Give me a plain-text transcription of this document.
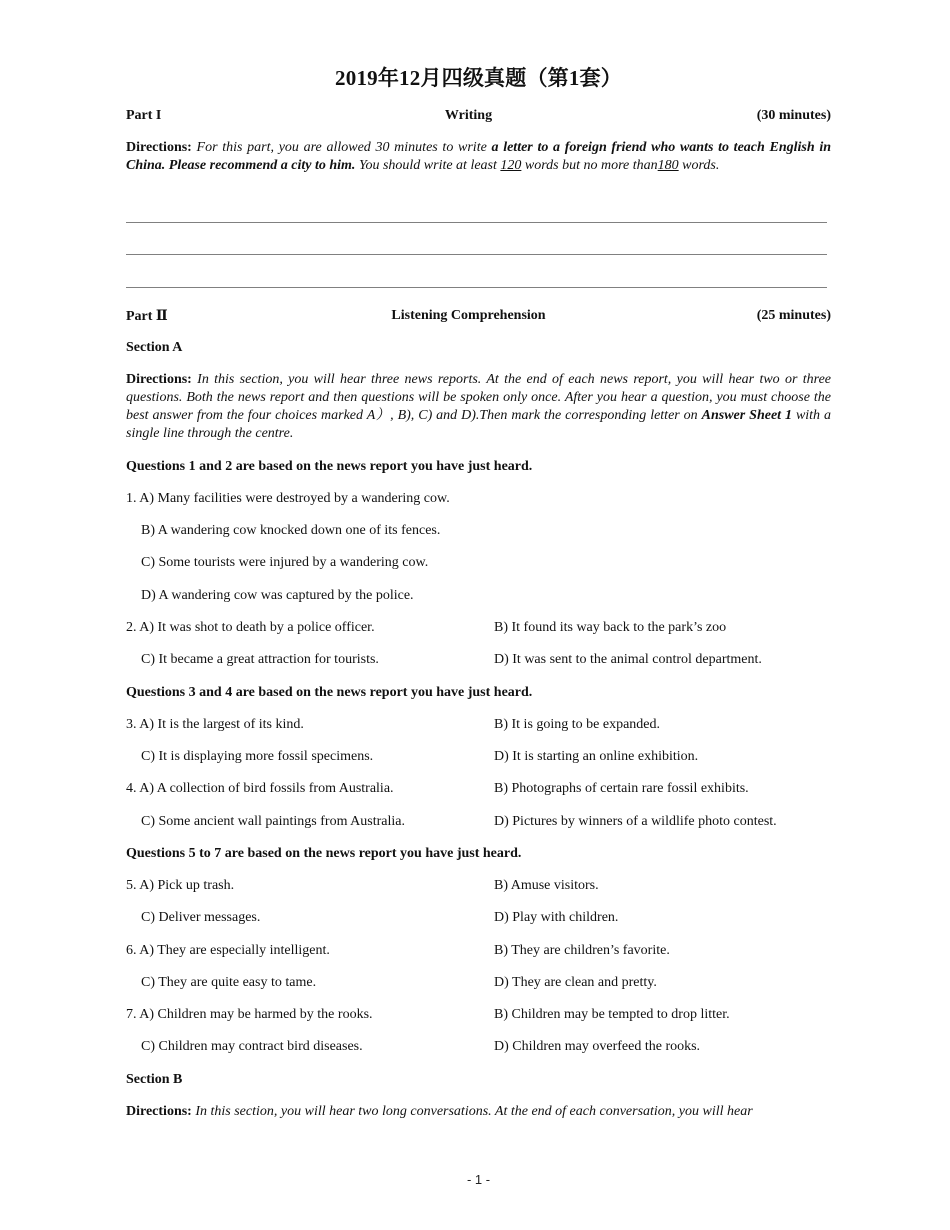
2019年12月四级真题（第1套）
Part I	Writing	(30 minutes)
Directions: For this part, you are allowed 30 minutes to write a letter to a foreign friend who wants to teach English in China. Please recommend a city to him. You should write at least 120 words but no more than180 words.
Part Ⅱ	Listening Comprehension	(25 minutes)
Section A
Directions: In this section, you will hear three news reports. At the end of each news report, you will hear two or three questions. Both the news report and then questions will be spoken only once. After you hear a question, you must choose the best answer from the four choices marked A）, B), C) and D).Then mark the corresponding letter on Answer Sheet 1 with a single line through the centre.
Questions 1 and 2 are based on the news report you have just heard.
1. A) Many facilities were destroyed by a wandering cow.
B) A wandering cow knocked down one of its fences.
C) Some tourists were injured by a wandering cow.
D) A wandering cow was captured by the police.
2. A) It was shot to death by a police officer.	B) It found its way back to the park’s zoo
C) It became a great attraction for tourists.	D) It was sent to the animal control department.
Questions 3 and 4 are based on the news report you have just heard.
3. A) It is the largest of its kind.	B) It is going to be expanded.
C) It is displaying more fossil specimens.	D) It is starting an online exhibition.
4. A) A collection of bird fossils from Australia.	B) Photographs of certain rare fossil exhibits.
C) Some ancient wall paintings from Australia.	D) Pictures by winners of a wildlife photo contest.
Questions 5 to 7 are based on the news report you have just heard.
5. A) Pick up trash.	B) Amuse visitors.
C) Deliver messages.	D) Play with children.
6. A) They are especially intelligent.	B) They are children’s favorite.
C) They are quite easy to tame.	D) They are clean and pretty.
7. A) Children may be harmed by the rooks.	B) Children may be tempted to drop litter.
C) Children may contract bird diseases.	D) Children may overfeed the rooks.
Section B
Directions: In this section, you will hear two long conversations. At the end of each conversation, you will hear
- 1 -
